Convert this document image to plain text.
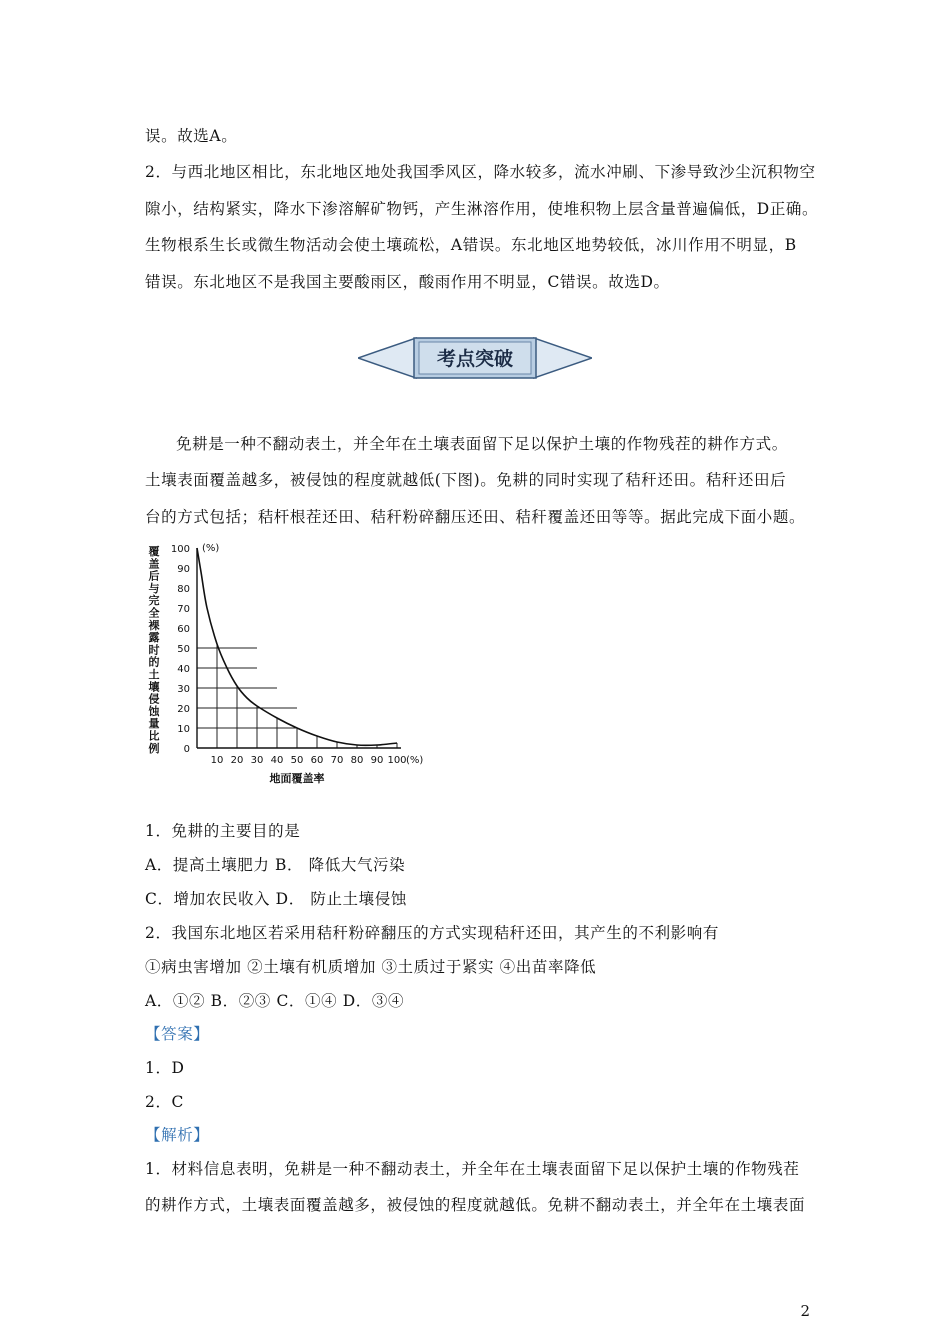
误。故选A。
2．与西北地区相比，东北地区地处我国季风区，降水较多，流水冲刷、下渗导致沙尘沉积物空
隙小，结构紧实，降水下渗溶解矿物钙，产生淋溶作用，使堆积物上层含量普遍偏低，D正确。
生物根系生长或微生物活动会使土壤疏松，A错误。东北地区地势较低，冰川作用不明显，B
错误。东北地区不是我国主要酸雨区，酸雨作用不明显，C错误。故选D。
考点突破
免耕是一种不翻动表土，并全年在土壤表面留下足以保护土壤的作物残茬的耕作方式。
土壤表面覆盖越多，被侵蚀的程度就越低(下图)。免耕的同时实现了秸秆还田。秸秆还田后
台的方式包括；秸杆根茬还田、秸秆粉碎翻压还田、秸秆覆盖还田等等。据此完成下面小题。
覆
盖
后
与
完
全
裸
露
时
的
土
壤
侵
蚀
量
比
例 0
10
20
30
40
50
60
70
80
90
100
10 20 30 40 50 60 70 80 90 100
(%)
(%)
地面覆盖率
1．免耕的主要目的是
A．提高土壤肥力 B． 降低大气污染
C．增加农民收入 D． 防止土壤侵蚀
2．我国东北地区若采用秸秆粉碎翻压的方式实现秸秆还田，其产生的不利影响有
①病虫害增加 ②土壤有机质增加 ③土质过于紧实 ④出苗率降低
A．①② B．②③ C．①④ D．③④
【答案】
1．D
2．C
【解析】
1．材料信息表明，免耕是一种不翻动表土，并全年在土壤表面留下足以保护土壤的作物残茬
的耕作方式，土壤表面覆盖越多，被侵蚀的程度就越低。免耕不翻动表土，并全年在土壤表面
2
